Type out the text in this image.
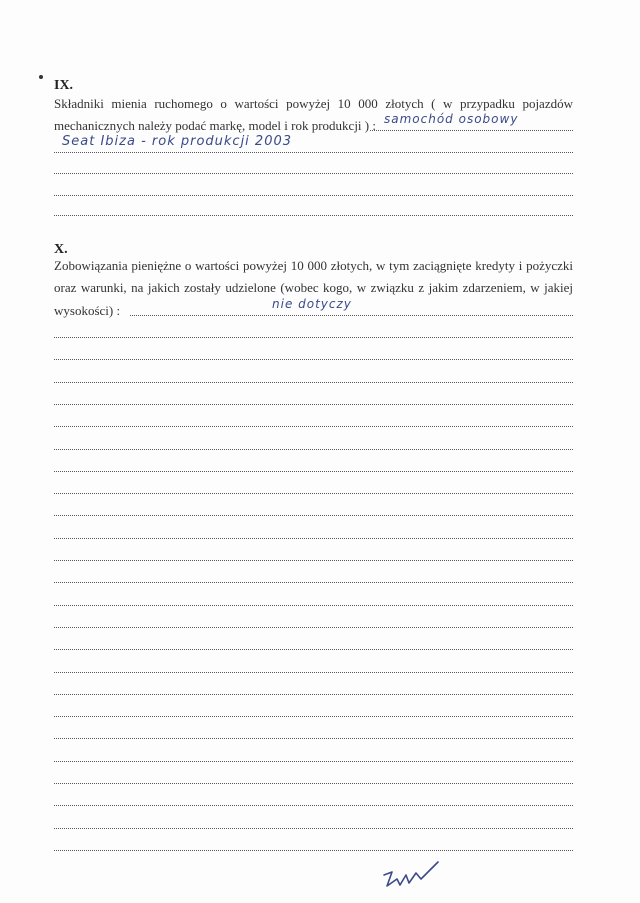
IX.
Składniki mienia ruchomego o wartości powyżej 10 000 złotych ( w przypadku pojazdów
mechanicznych należy podać markę, model i rok produkcji ) : samochód osobowy
Seat Ibiza - rok produkcji 2003
X.
Zobowiązania pieniężne o wartości powyżej 10 000 złotych, w tym zaciągnięte kredyty i pożyczki
oraz warunki, na jakich zostały udzielone (wobec kogo, w związku z jakim zdarzeniem, w jakiej
wysokości) :	nie dotyczy
